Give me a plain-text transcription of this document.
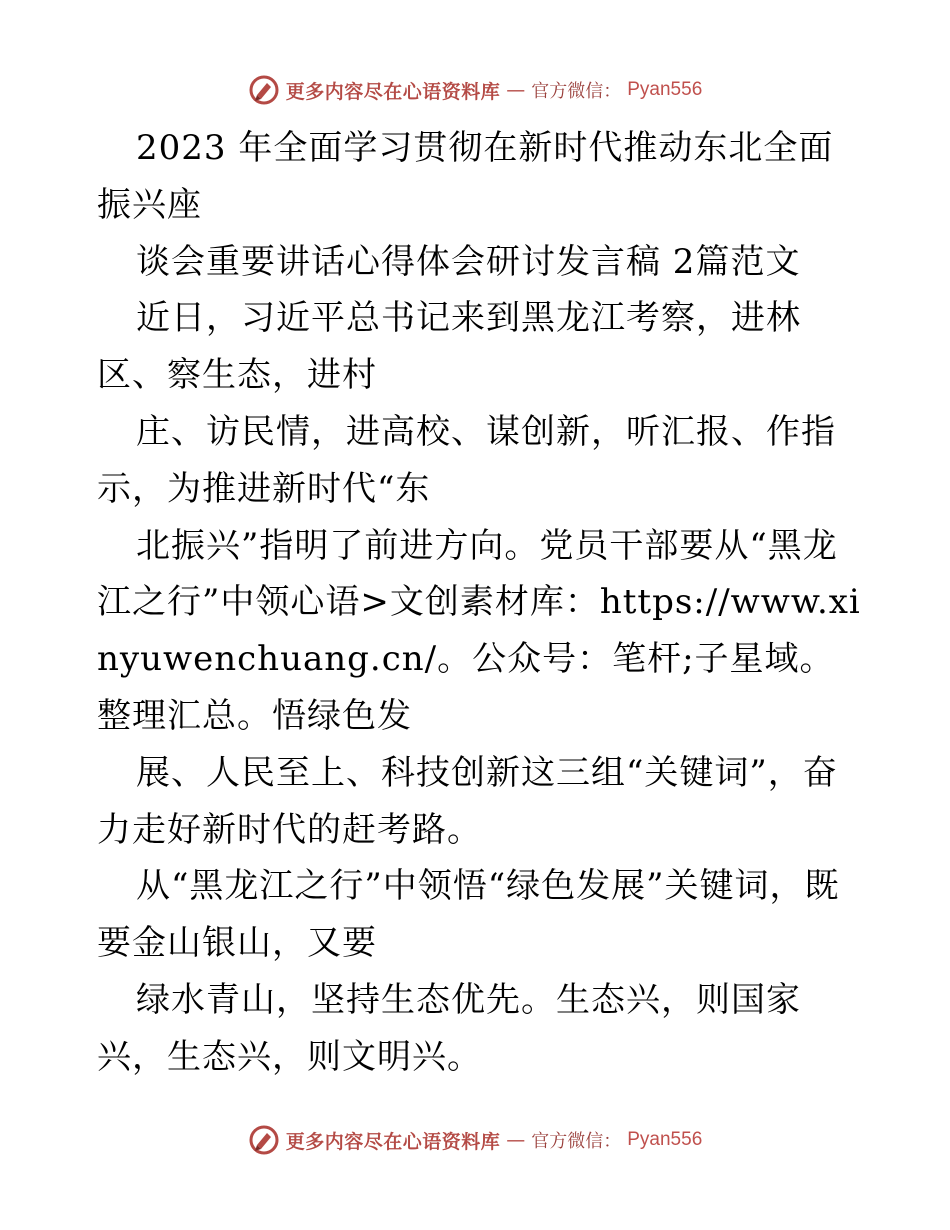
更多内容尽在心语资料库 — 官方微信： Pyan556

2023 年全面学习贯彻在新时代推动东北全面振兴座

谈会重要讲话心得体会研讨发言稿 2篇范文

近日，习近平总书记来到黑龙江考察，进林区、察生态，进村

庄、访民情，进高校、谋创新，听汇报、作指示，为推进新时代“东

北振兴”指明了前进方向。党员干部要从“黑龙江之行”中领心语>文创素材库：https://www.xinyuwenchuang.cn/。公众号：笔杆;子星域。整理汇总。悟绿色发

展、人民至上、科技创新这三组“关键词”，奋力走好新时代的赶考路。

从“黑龙江之行”中领悟“绿色发展”关键词，既要金山银山，又要

绿水青山，坚持生态优先。生态兴，则国家兴，生态兴，则文明兴。

更多内容尽在心语资料库 — 官方微信： Pyan556
